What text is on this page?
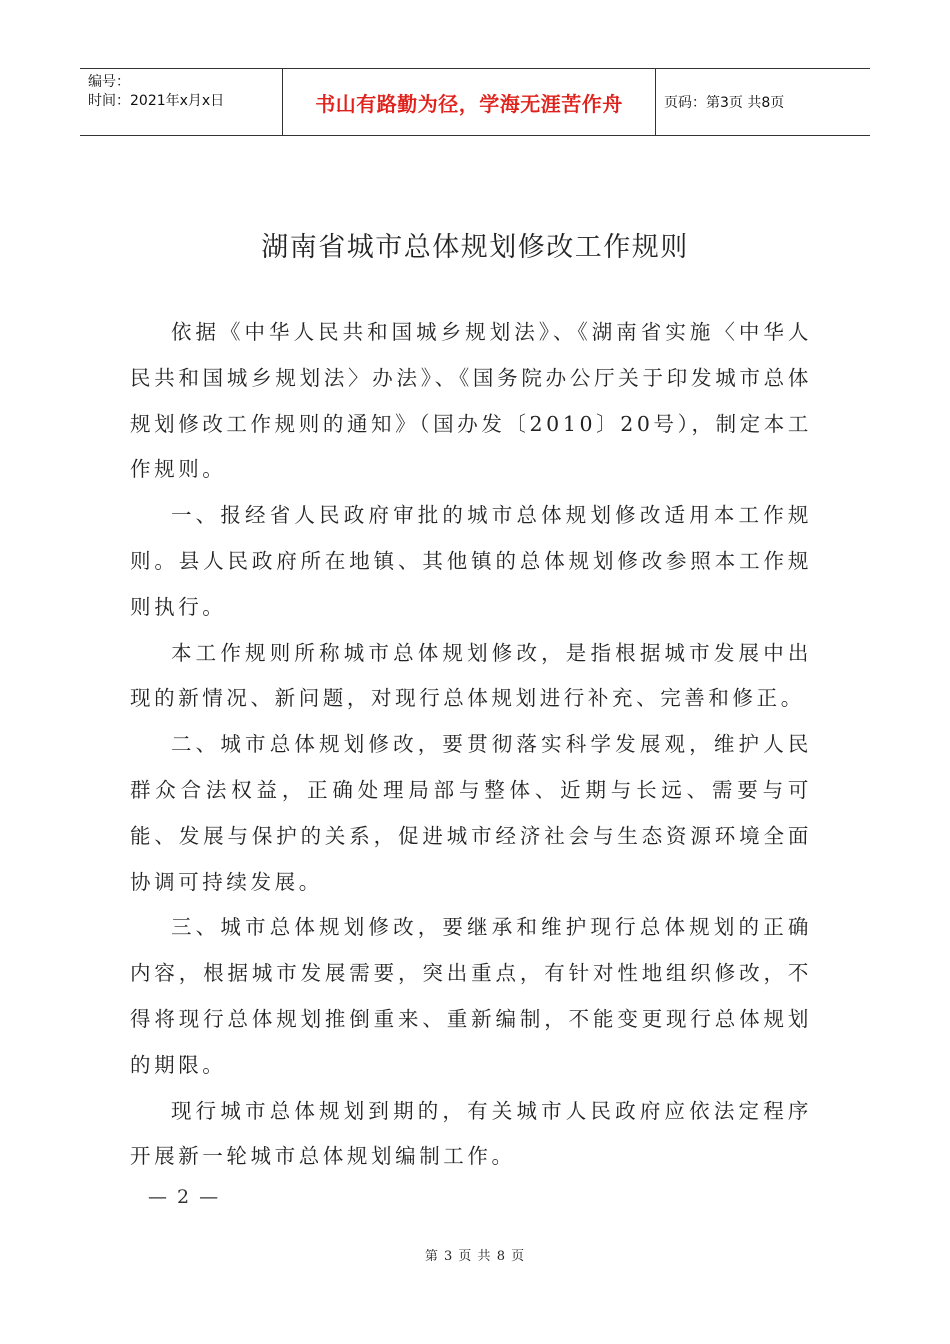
编号：
时间：2021年x月x日	书山有路勤为径，学海无涯苦作舟	页码：第3页 共8页
湖南省城市总体规划修改工作规则

依据《中华人民共和国城乡规划法》、《湖南省实施〈中华人民共和国城乡规划法〉办法》、《国务院办公厅关于印发城市总体规划修改工作规则的通知》（国办发〔2010〕20号），制定本工作规则。

一、报经省人民政府审批的城市总体规划修改适用本工作规则。县人民政府所在地镇、其他镇的总体规划修改参照本工作规则执行。

本工作规则所称城市总体规划修改，是指根据城市发展中出现的新情况、新问题，对现行总体规划进行补充、完善和修正。

二、城市总体规划修改，要贯彻落实科学发展观，维护人民群众合法权益，正确处理局部与整体、近期与长远、需要与可能、发展与保护的关系，促进城市经济社会与生态资源环境全面协调可持续发展。

三、城市总体规划修改，要继承和维护现行总体规划的正确内容，根据城市发展需要，突出重点，有针对性地组织修改，不得将现行总体规划推倒重来、重新编制，不能变更现行总体规划的期限。

现行城市总体规划到期的，有关城市人民政府应依法定程序开展新一轮城市总体规划编制工作。

— 2 —
第 3 页 共 8 页
